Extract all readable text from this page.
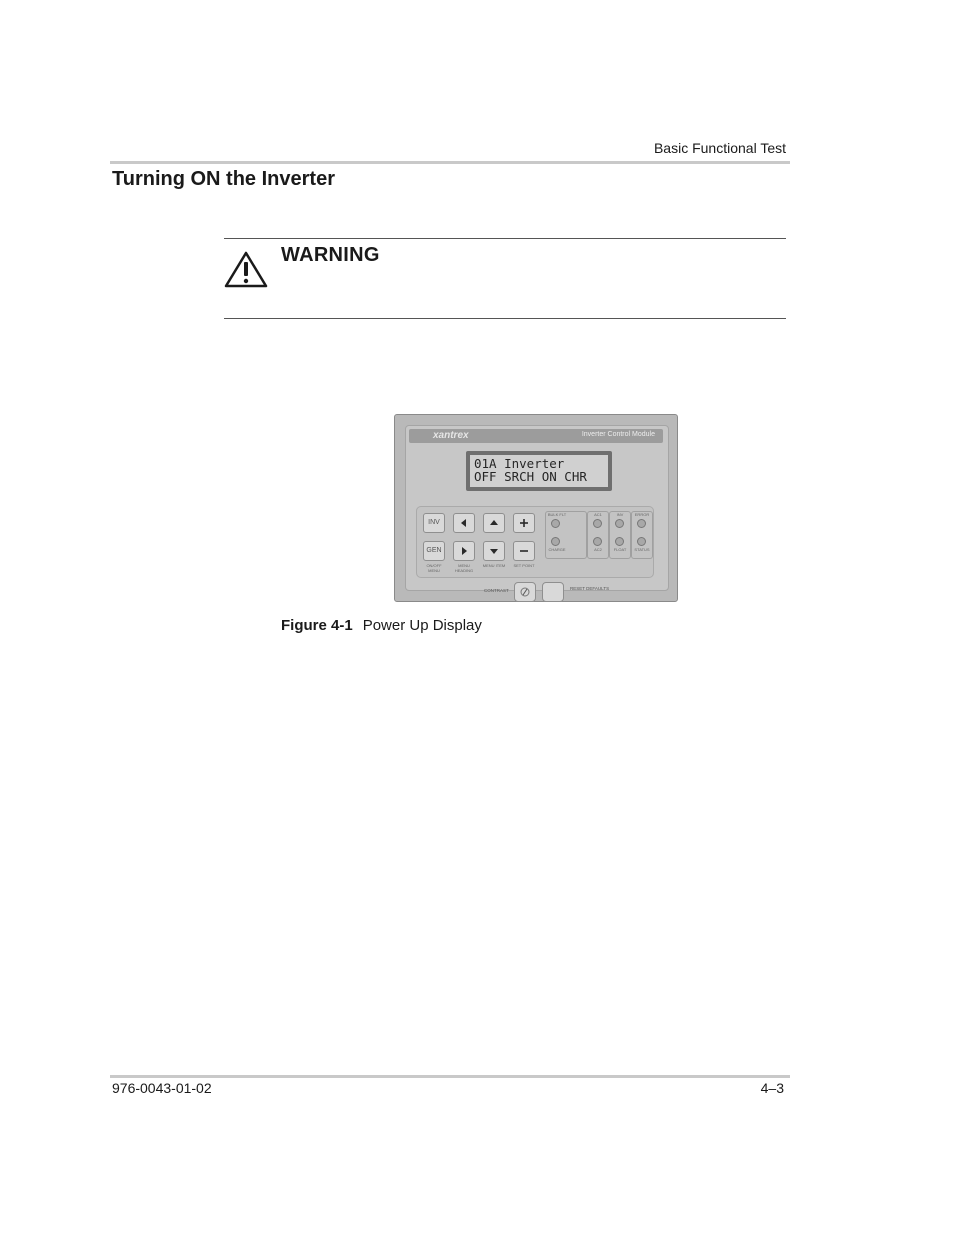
Basic Functional Test
Turning ON the Inverter
WARNING
xantrex	Inverter Control Module
01A Inverter
OFF SRCH ON CHR
INV
GEN
ON/OFF MENU
MENU HEADING
MENU ITEM	SET POINT
BULK FLT
CHARGE
AC1
AC2
INV
FLOAT
ERROR
STATUS
CONTRAST	RESET DEFAULTS
Figure 4-1 Power Up Display
976-0043-01-02	4–3
